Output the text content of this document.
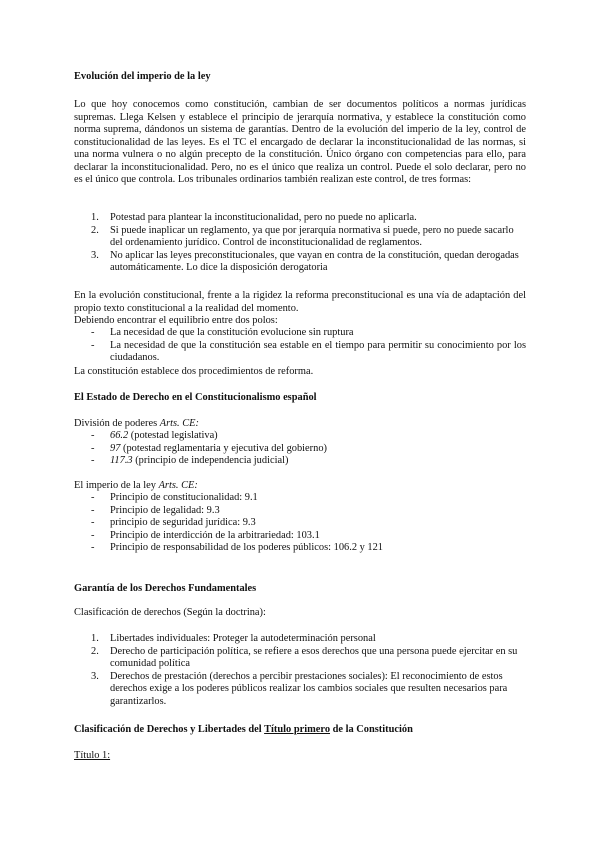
Evolución del imperio de la ley

Lo que hoy conocemos como constitución, cambian de ser documentos políticos a normas jurídicas supremas. Llega Kelsen y establece el principio de jerarquía normativa, y establece la constitución como norma suprema, dándonos un sistema de garantías. Dentro de la evolución del imperio de la ley, control de constitucionalidad de las leyes. Es el TC el encargado de declarar la inconstitucionalidad de las normas, si una norma vulnera o no algún precepto de la constitución. Único órgano con competencias para ello, para declarar la inconstitucionalidad. Pero, no es el único que realiza un control. Puede el solo declarar, pero no es el único que controla. Los tribunales ordinarios también realizan este control, de tres formas:

1. Potestad para plantear la inconstitucionalidad, pero no puede no aplicarla.
2. Si puede inaplicar un reglamento, ya que por jerarquía normativa si puede, pero no puede sacarlo del ordenamiento jurídico. Control de inconstitucionalidad de reglamentos.
3. No aplicar las leyes preconstitucionales, que vayan en contra de la constitución, quedan derogadas automáticamente. Lo dice la disposición derogatoria

En la evolución constitucional, frente a la rigidez la reforma preconstitucional es una vía de adaptación del propio texto constitucional a la realidad del momento.

Debiendo encontrar el equilibrio entre dos polos:

- La necesidad de que la constitución evolucione sin ruptura
- La necesidad de que la constitución sea estable en el tiempo para permitir su conocimiento por los ciudadanos.

La constitución establece dos procedimientos de reforma.

El Estado de Derecho en el Constitucionalismo español

División de poderes Arts. CE:

- 66.2 (potestad legislativa)
- 97 (potestad reglamentaria y ejecutiva del gobierno)
- 117.3 (principio de independencia judicial)

El imperio de la ley Arts. CE:

- Principio de constitucionalidad: 9.1
- Principio de legalidad: 9.3
- principio de seguridad jurídica: 9.3
- Principio de interdicción de la arbitrariedad: 103.1
- Principio de responsabilidad de los poderes públicos: 106.2 y 121

Garantía de los Derechos Fundamentales

Clasificación de derechos (Según la doctrina):

1. Libertades individuales: Proteger la autodeterminación personal
2. Derecho de participación política, se refiere a esos derechos que una persona puede ejercitar en su comunidad política
3. Derechos de prestación (derechos a percibir prestaciones sociales): El reconocimiento de estos derechos exige a los poderes públicos realizar los cambios sociales que resulten necesarios para garantizarlos.

Clasificación de Derechos y Libertades del Título primero de la Constitución

Título 1:
